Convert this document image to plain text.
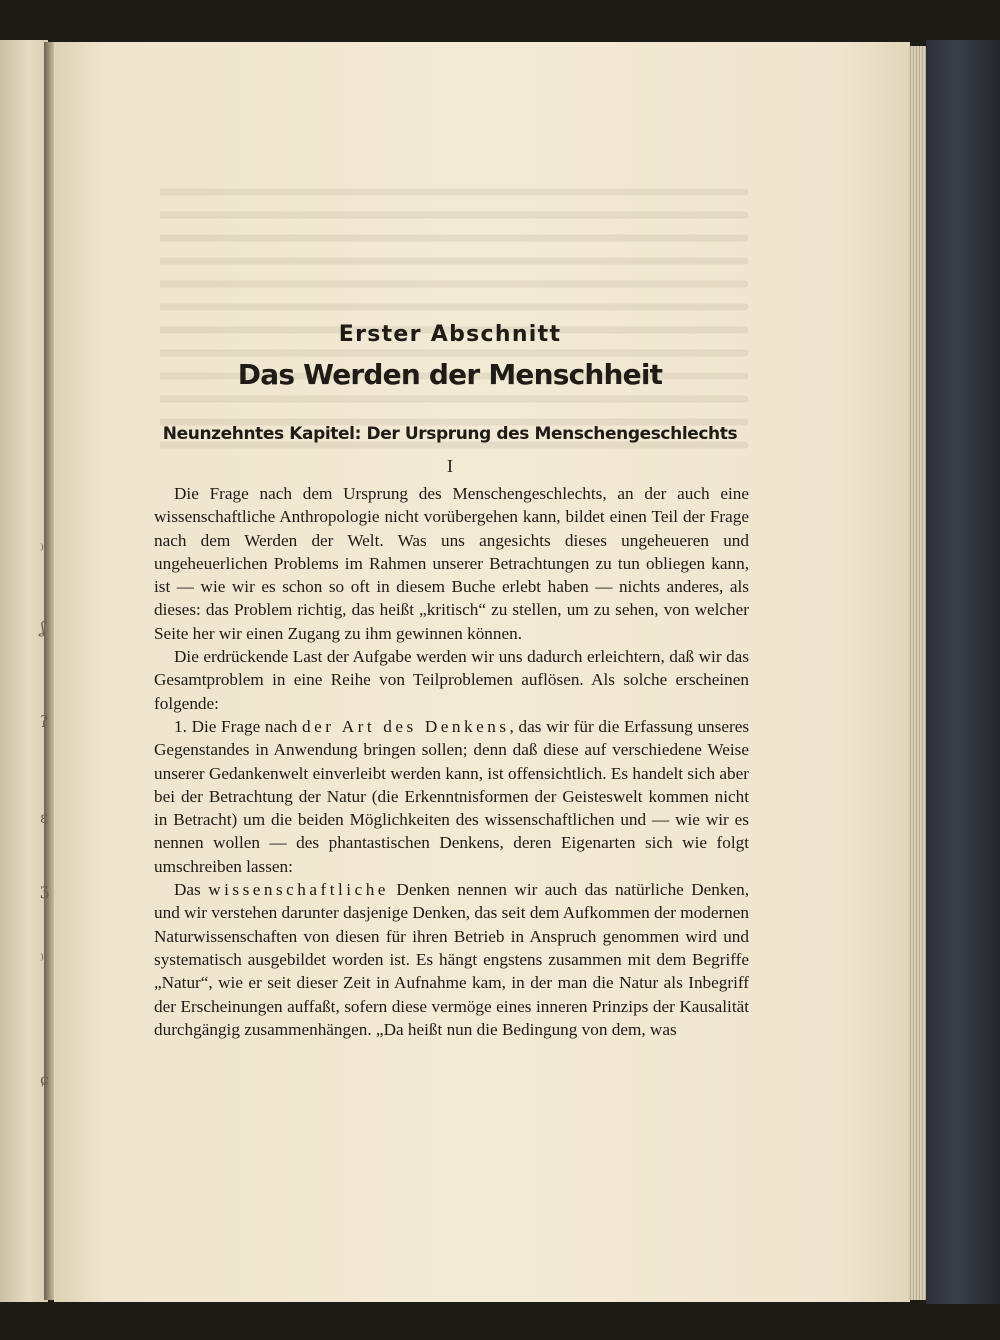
⁾
ʆ
ʔ
ɛ
ʒ
⁾
ɕ
Erster Abschnitt
Das Werden der Menschheit
Neunzehntes Kapitel: Der Ursprung des Menschengeschlechts
I

Die Frage nach dem Ursprung des Menschengeschlechts, an der auch eine wissenschaftliche Anthropologie nicht vorübergehen kann, bildet einen Teil der Frage nach dem Werden der Welt. Was uns angesichts dieses ungeheueren und ungeheuerlichen Problems im Rahmen unserer Betrachtungen zu tun obliegen kann, ist — wie wir es schon so oft in diesem Buche erlebt haben — nichts anderes, als dieses: das Problem richtig, das heißt „kritisch“ zu stellen, um zu sehen, von welcher Seite her wir einen Zugang zu ihm gewinnen können.

Die erdrückende Last der Aufgabe werden wir uns dadurch erleichtern, daß wir das Gesamtproblem in eine Reihe von Teilproblemen auflösen. Als solche erscheinen folgende:

1. Die Frage nach der Art des Denkens, das wir für die Erfassung unseres Gegenstandes in Anwendung bringen sollen; denn daß diese auf verschiedene Weise unserer Gedankenwelt einverleibt werden kann, ist offensichtlich. Es handelt sich aber bei der Betrachtung der Natur (die Erkenntnisformen der Geisteswelt kommen nicht in Betracht) um die beiden Möglichkeiten des wissenschaftlichen und — wie wir es nennen wollen — des phantastischen Denkens, deren Eigenarten sich wie folgt umschreiben lassen:

Das wissenschaftliche Denken nennen wir auch das natürliche Denken, und wir verstehen darunter dasjenige Denken, das seit dem Aufkommen der modernen Naturwissenschaften von diesen für ihren Betrieb in Anspruch genommen wird und systematisch ausgebildet worden ist. Es hängt engstens zusammen mit dem Begriffe „Natur“, wie er seit dieser Zeit in Aufnahme kam, in der man die Natur als Inbegriff der Erscheinungen auffaßt, sofern diese vermöge eines inneren Prinzips der Kausalität durchgängig zusammenhängen. „Da heißt nun die Bedingung von dem, was
